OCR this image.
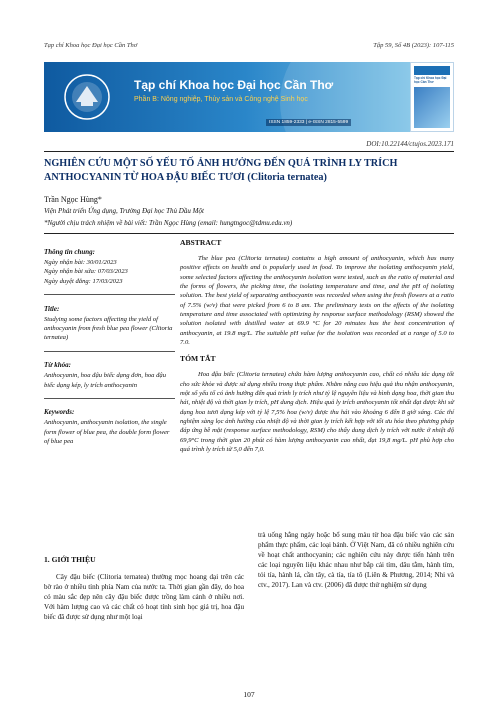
Tạp chí Khoa học Đại học Cần Thơ	Tập 59, Số 4B (2023): 107-115
Tạp chí Khoa học Đại học Cần Thơ
Phần B: Nông nghiệp, Thủy sản và Công nghệ Sinh học
ISSN 1859-2333 | e-ISSN 2815-5599
Tạp chí Khoa học Đại học Cần Thơ
DOI:10.22144/ctujos.2023.171
NGHIÊN CỨU MỘT SỐ YẾU TỐ ẢNH HƯỞNG ĐẾN QUÁ TRÌNH LY TRÍCH ANTHOCYANIN TỪ HOA ĐẬU BIẾC TƯƠI (Clitoria ternatea)
Trần Ngọc Hùng*
Viện Phát triển Ứng dụng, Trường Đại học Thủ Dầu Một
*Người chịu trách nhiệm về bài viết: Trần Ngọc Hùng (email: hungtngoc@tdmu.edu.vn)
Thông tin chung:

Ngày nhận bài: 30/01/2023

Ngày nhận bài sửa: 07/03/2023

Ngày duyệt đăng: 17/03/2023

Title:

Studying some factors affecting the yield of anthocyanin from fresh blue pea flower (Clitoria ternatea)

Từ khóa:

Anthocyanin, hoa đậu biếc dạng đơn, hoa đậu biếc dạng kép, ly trích anthocyanin

Keywords:

Anthocyanin, anthocyanin isolation, the single form flower of blue pea, the double form flower of blue pea

ABSTRACT

The blue pea (Clitoria ternatea) contains a high amount of anthocyanin, which has many positive effects on health and is popularly used in food. To improve the isolating anthocyanin yield, some selected factors affecting the anthocyanin isolation were tested, such as the ratio of material and the forms of flowers, the picking time, the isolating temperature and time, and the pH of isolating solution. The best yield of separating anthocyanin was recorded when using the fresh flowers at a ratio of 7.5% (w/v) that were picked from 6 to 8 am. The preliminary tests on the effects of the isolating temperature and time associated with optimizing by response surface methodology (RSM) showed the solution isolated with distilled water at 69.9 °C for 20 minutes has the best concentration of anthocyanin, at 19.8 mg/L. The suitable pH value for the isolation was recorded at a range of 5.0 to 7.0.

TÓM TẮT

Hoa đậu biếc (Clitoria ternatea) chứa hàm lượng anthocyanin cao, chất có nhiều tác dụng tốt cho sức khỏe và được sử dụng nhiều trong thực phẩm. Nhằm nâng cao hiệu quả thu nhận anthocyanin, một số yếu tố có ảnh hưởng đến quá trình ly trích như tỷ lệ nguyên liệu và hình dạng hoa, thời gian thu hái, nhiệt độ và thời gian ly trích, pH dung dịch. Hiệu quả ly trích anthocyanin tốt nhất đạt được khi sử dụng hoa tươi dạng kép với tỷ lệ 7,5% hoa (w/v) được thu hái vào khoảng 6 đến 8 giờ sáng. Các thí nghiệm sàng lọc ảnh hưởng của nhiệt độ và thời gian ly trích kết hợp với tối ưu hóa theo phương pháp đáp ứng bề mặt (response surface methodology, RSM) cho thấy dung dịch ly trích với nước ở nhiệt độ 69,9°C trong thời gian 20 phút có hàm lượng anthocyanin cao nhất, đạt 19,8 mg/L. pH phù hợp cho quá trình ly trích từ 5,0 đến 7,0.

1. GIỚI THIỆU

Cây đậu biếc (Clitoria ternatea) thường mọc hoang dại trên các bờ rào ở nhiều tỉnh phía Nam của nước ta. Thời gian gần đây, do hoa có màu sắc đẹp nên cây đậu biếc được trồng làm cảnh ở nhiều nơi. Với hàm lượng cao và các chất có hoạt tính sinh học giá trị, hoa đậu biếc đã được sử dụng như một loại

trà uống hằng ngày hoặc bổ sung màu từ hoa đậu biếc vào các sản phẩm thực phẩm, các loại bánh. Ở Việt Nam, đã có nhiều nghiên cứu về hoạt chất anthocyanin; các nghiên cứu này được tiến hành trên các loại nguyên liệu khác nhau như bắp cải tím, dâu tằm, hành tím, tỏi tía, hành lá, cần tây, cà tía, tía tô (Liên & Phương, 2014; Nhi và ctv., 2017). Lan và ctv. (2006) đã được thử nghiệm sử dụng

107
